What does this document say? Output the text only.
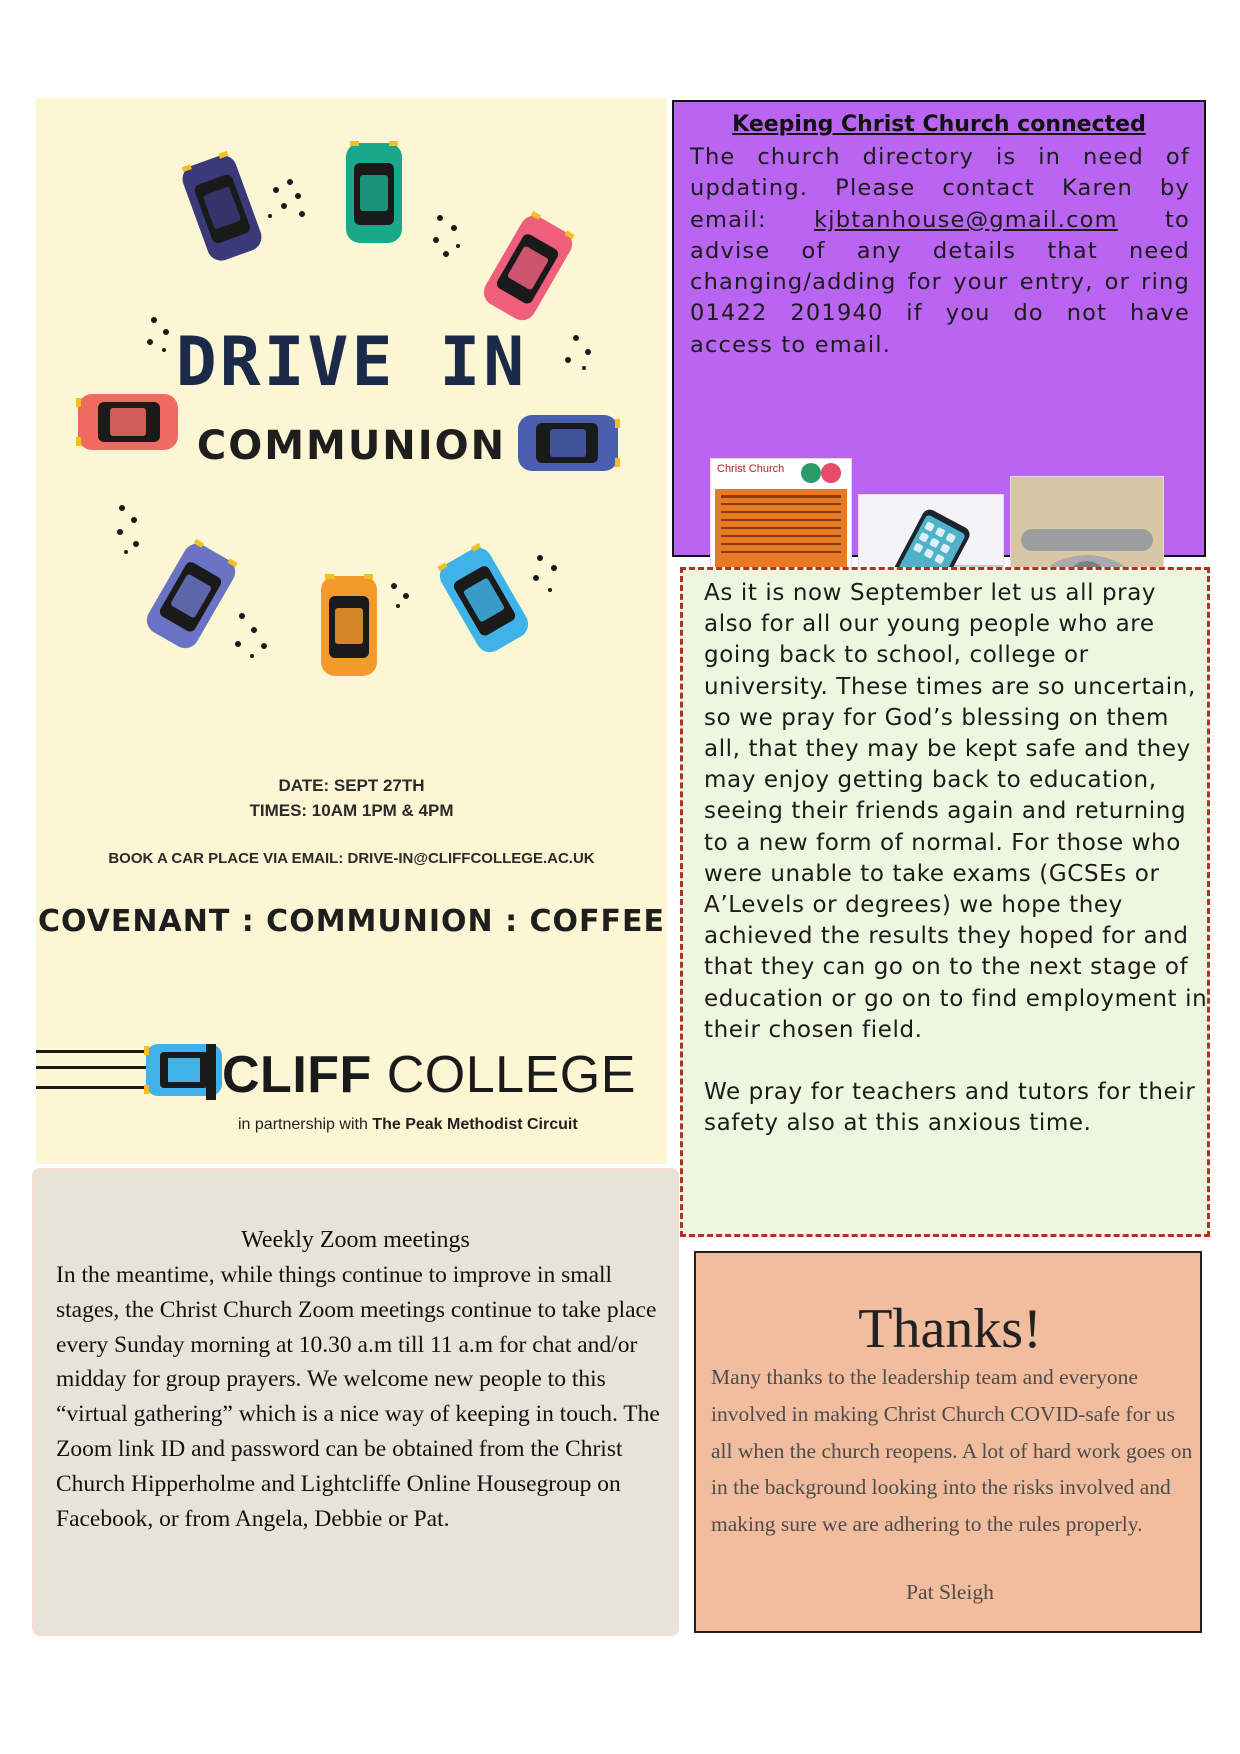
DRIVE IN
COMMUNION
DATE: SEPT 27TH
TIMES: 10AM 1PM & 4PM
BOOK A CAR PLACE VIA EMAIL: DRIVE-IN@CLIFFCOLLEGE.AC.UK
COVENANT : COMMUNION : COFFEE
CLIFF COLLEGE
in partnership with The Peak Methodist Circuit
Weekly Zoom meetings
In the meantime, while things continue to improve in small stages, the Christ Church Zoom meetings continue to take place every Sunday morning at 10.30 a.m till 11 a.m for chat and/or midday for group prayers. We welcome new people to this “virtual gathering” which is a nice way of keeping in touch. The Zoom link ID and password can be obtained from the Christ Church Hipperholme and Lightcliffe Online Housegroup on Facebook, or from Angela, Debbie or Pat.
Keeping Christ Church connected
The church directory is in need of updating. Please contact Karen by email: kjbtanhouse@gmail.com to advise of any details that need changing/adding for your entry, or ring 01422 201940 if you do not have access to email.
Christ Church

As it is now September let us all pray also for all our young people who are going back to school, college or university. These times are so uncertain, so we pray for God’s blessing on them all, that they may be kept safe and they may enjoy getting back to education, seeing their friends again and returning to a new form of normal. For those who were unable to take exams (GCSEs or A’Levels or degrees) we hope they achieved the results they hoped for and that they can go on to the next stage of education or go on to find employment in their chosen field.

We pray for teachers and tutors for their safety also at this anxious time.

Thanks!
Many thanks to the leadership team and everyone involved in making Christ Church COVID-safe for us all when the church reopens. A lot of hard work goes on in the background looking into the risks involved and making sure we are adhering to the rules properly.
Pat Sleigh
